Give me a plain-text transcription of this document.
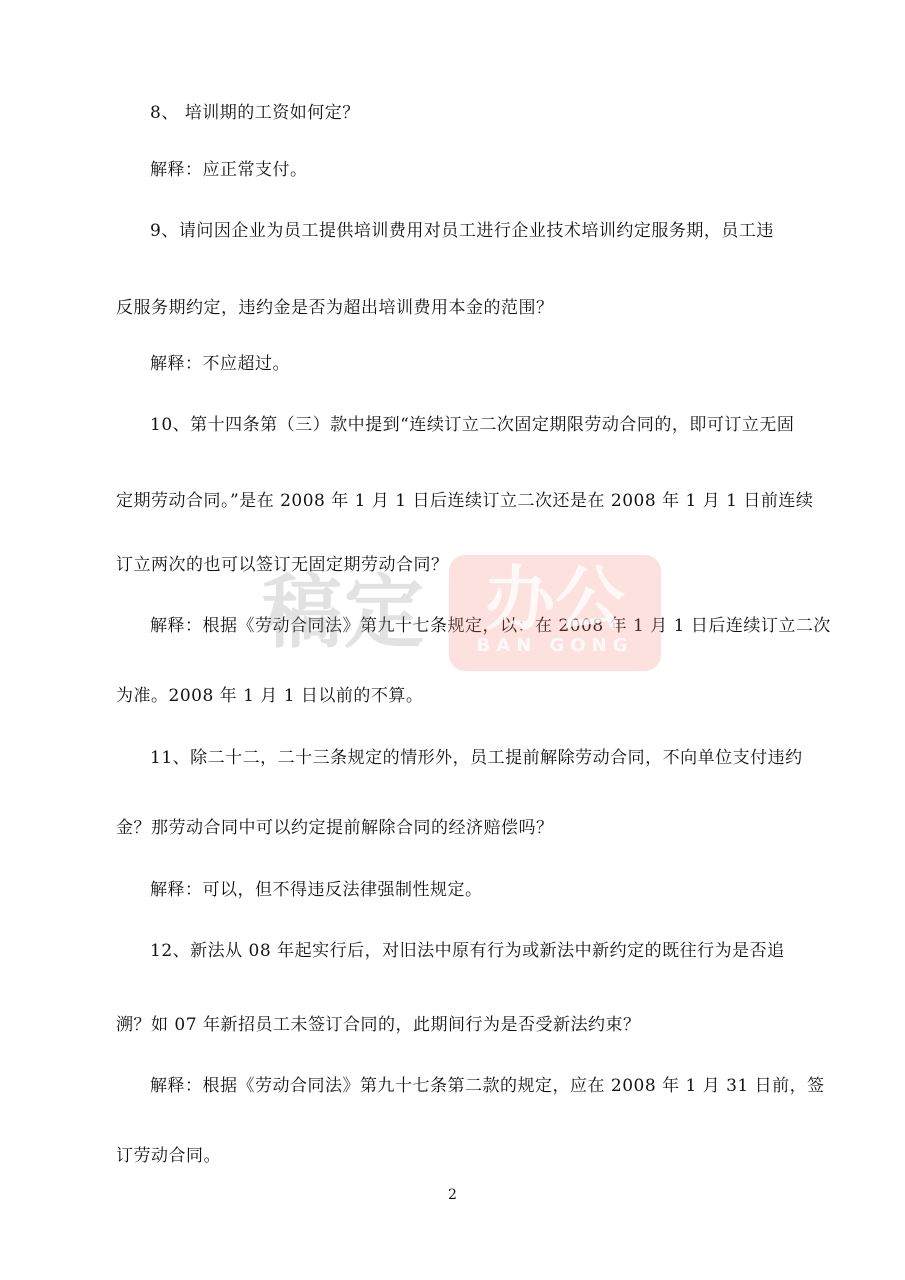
8、 培训期的工资如何定？
解释：应正常支付。
9、请问因企业为员工提供培训费用对员工进行企业技术培训约定服务期，员工违
反服务期约定，违约金是否为超出培训费用本金的范围？
解释：不应超过。
10、第十四条第（三）款中提到“连续订立二次固定期限劳动合同的，即可订立无固
定期劳动合同。”是在 2008 年 1 月 1 日后连续订立二次还是在 2008 年 1 月 1 日前连续
订立两次的也可以签订无固定期劳动合同？
解释：根据《劳动合同法》第九十七条规定，以：在 2008 年 1 月 1 日后连续订立二次
为准。2008 年 1 月 1 日以前的不算。
11、除二十二，二十三条规定的情形外，员工提前解除劳动合同，不向单位支付违约
金？那劳动合同中可以约定提前解除合同的经济赔偿吗？
解释：可以，但不得违反法律强制性规定。
12、新法从 08 年起实行后，对旧法中原有行为或新法中新约定的既往行为是否追
溯？如 07 年新招员工未签订合同的，此期间行为是否受新法约束？
解释：根据《劳动合同法》第九十七条第二款的规定，应在 2008 年 1 月 31 日前，签
订劳动合同。
稿定 办公
BAN GONG
2
